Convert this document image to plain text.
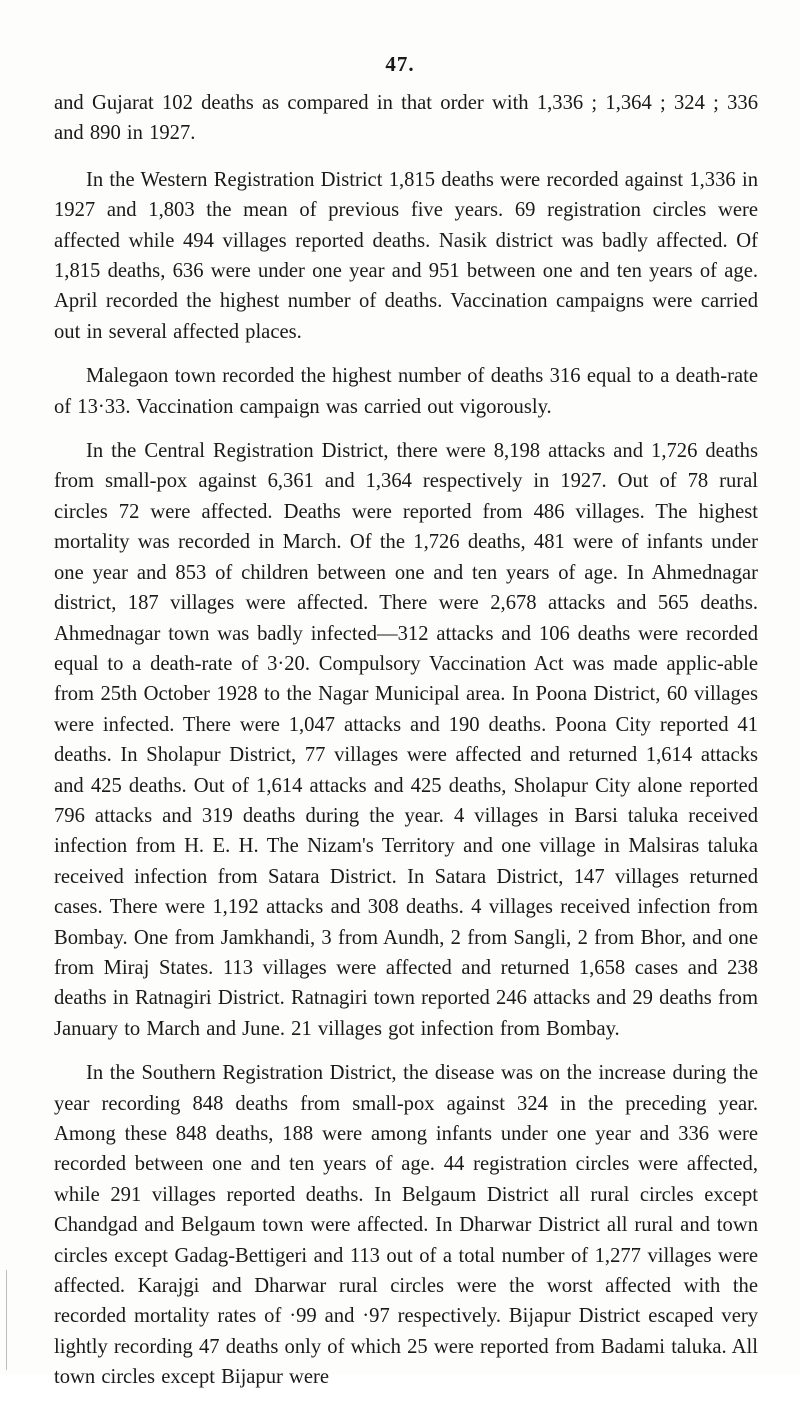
47.

and Gujarat 102 deaths as compared in that order with 1,336 ; 1,364 ; 324 ; 336 and 890 in 1927.

In the Western Registration District 1,815 deaths were recorded against 1,336 in 1927 and 1,803 the mean of previous five years. 69 registration circles were affected while 494 villages reported deaths. Nasik district was badly affected. Of 1,815 deaths, 636 were under one year and 951 between one and ten years of age. April recorded the highest number of deaths. Vaccination campaigns were carried out in several affected places.

Malegaon town recorded the highest number of deaths 316 equal to a death-rate of 13·33. Vaccination campaign was carried out vigorously.

In the Central Registration District, there were 8,198 attacks and 1,726 deaths from small-pox against 6,361 and 1,364 respectively in 1927. Out of 78 rural circles 72 were affected. Deaths were reported from 486 villages. The highest mortality was recorded in March. Of the 1,726 deaths, 481 were of infants under one year and 853 of children between one and ten years of age. In Ahmednagar district, 187 villages were affected. There were 2,678 attacks and 565 deaths. Ahmednagar town was badly infected—312 attacks and 106 deaths were recorded equal to a death-rate of 3·20. Compulsory Vaccination Act was made applic-able from 25th October 1928 to the Nagar Municipal area. In Poona District, 60 villages were infected. There were 1,047 attacks and 190 deaths. Poona City reported 41 deaths. In Sholapur District, 77 villages were affected and returned 1,614 attacks and 425 deaths. Out of 1,614 attacks and 425 deaths, Sholapur City alone reported 796 attacks and 319 deaths during the year. 4 villages in Barsi taluka received infection from H. E. H. The Nizam's Territory and one village in Malsiras taluka received infection from Satara District. In Satara District, 147 villages returned cases. There were 1,192 attacks and 308 deaths. 4 villages received infection from Bombay. One from Jamkhandi, 3 from Aundh, 2 from Sangli, 2 from Bhor, and one from Miraj States. 113 villages were affected and returned 1,658 cases and 238 deaths in Ratnagiri District. Ratnagiri town reported 246 attacks and 29 deaths from January to March and June. 21 villages got infection from Bombay.

In the Southern Registration District, the disease was on the increase during the year recording 848 deaths from small-pox against 324 in the preceding year. Among these 848 deaths, 188 were among infants under one year and 336 were recorded between one and ten years of age. 44 registration circles were affected, while 291 villages reported deaths. In Belgaum District all rural circles except Chandgad and Belgaum town were affected. In Dharwar District all rural and town circles except Gadag-Bettigeri and 113 out of a total number of 1,277 villages were affected. Karajgi and Dharwar rural circles were the worst affected with the recorded mortality rates of ·99 and ·97 respectively. Bijapur District escaped very lightly recording 47 deaths only of which 25 were reported from Badami taluka. All town circles except Bijapur were
